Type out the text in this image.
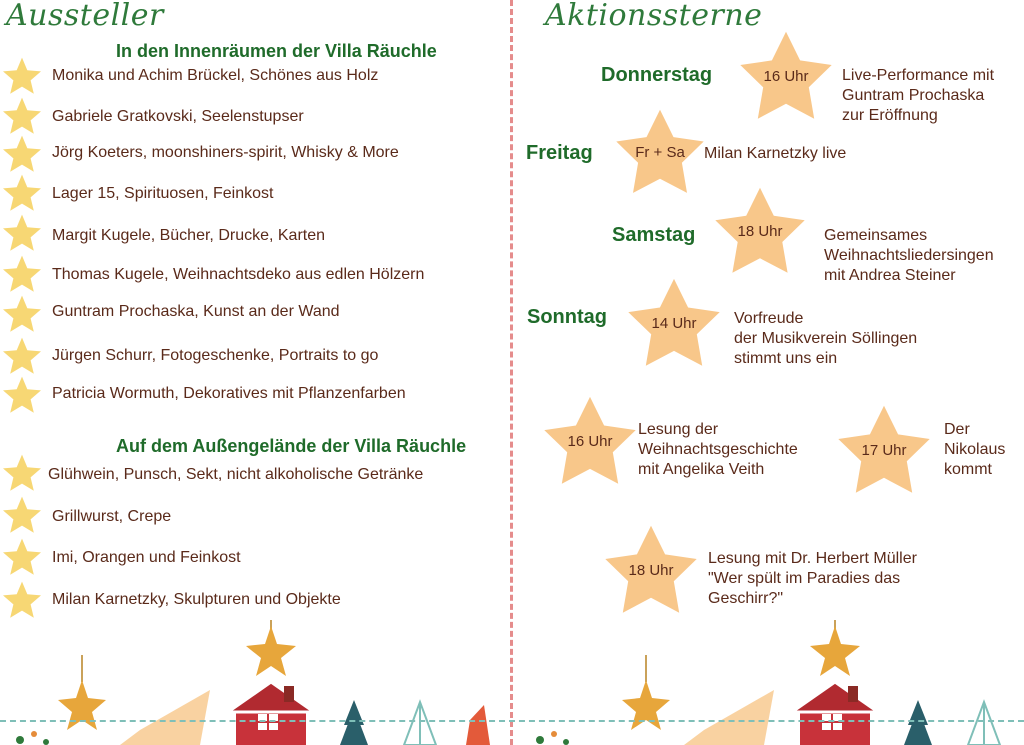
Aussteller
In den Innenräumen der Villa Räuchle
Monika und Achim Brückel, Schönes aus Holz
Gabriele Gratkovski, Seelenstupser
Jörg Koeters, moonshiners-spirit, Whisky & More
Lager 15, Spirituosen, Feinkost
Margit Kugele, Bücher, Drucke, Karten
Thomas Kugele, Weihnachtsdeko aus edlen Hölzern
Guntram Prochaska, Kunst an der Wand
Jürgen Schurr, Fotogeschenke, Portraits to go
Patricia Wormuth, Dekoratives mit Pflanzenfarben
Auf dem Außengelände der Villa Räuchle
Glühwein, Punsch, Sekt, nicht alkoholische Getränke
Grillwurst, Crepe
Imi, Orangen und Feinkost
Milan Karnetzky, Skulpturen und Objekte
Aktionssterne
Donnerstag
Freitag
Samstag
Sonntag
16 Uhr
Fr + Sa
18 Uhr
14 Uhr
16 Uhr
17 Uhr
18 Uhr
Live-Performance mit
Guntram Prochaska
zur Eröffnung
Milan Karnetzky live
Gemeinsames
Weihnachtsliedersingen
mit Andrea Steiner
Vorfreude
der Musikverein Söllingen
stimmt uns ein
Lesung der
Weihnachtsgeschichte
mit Angelika Veith
Der
Nikolaus
kommt
Lesung mit Dr. Herbert Müller
"Wer spült im Paradies das
Geschirr?"
